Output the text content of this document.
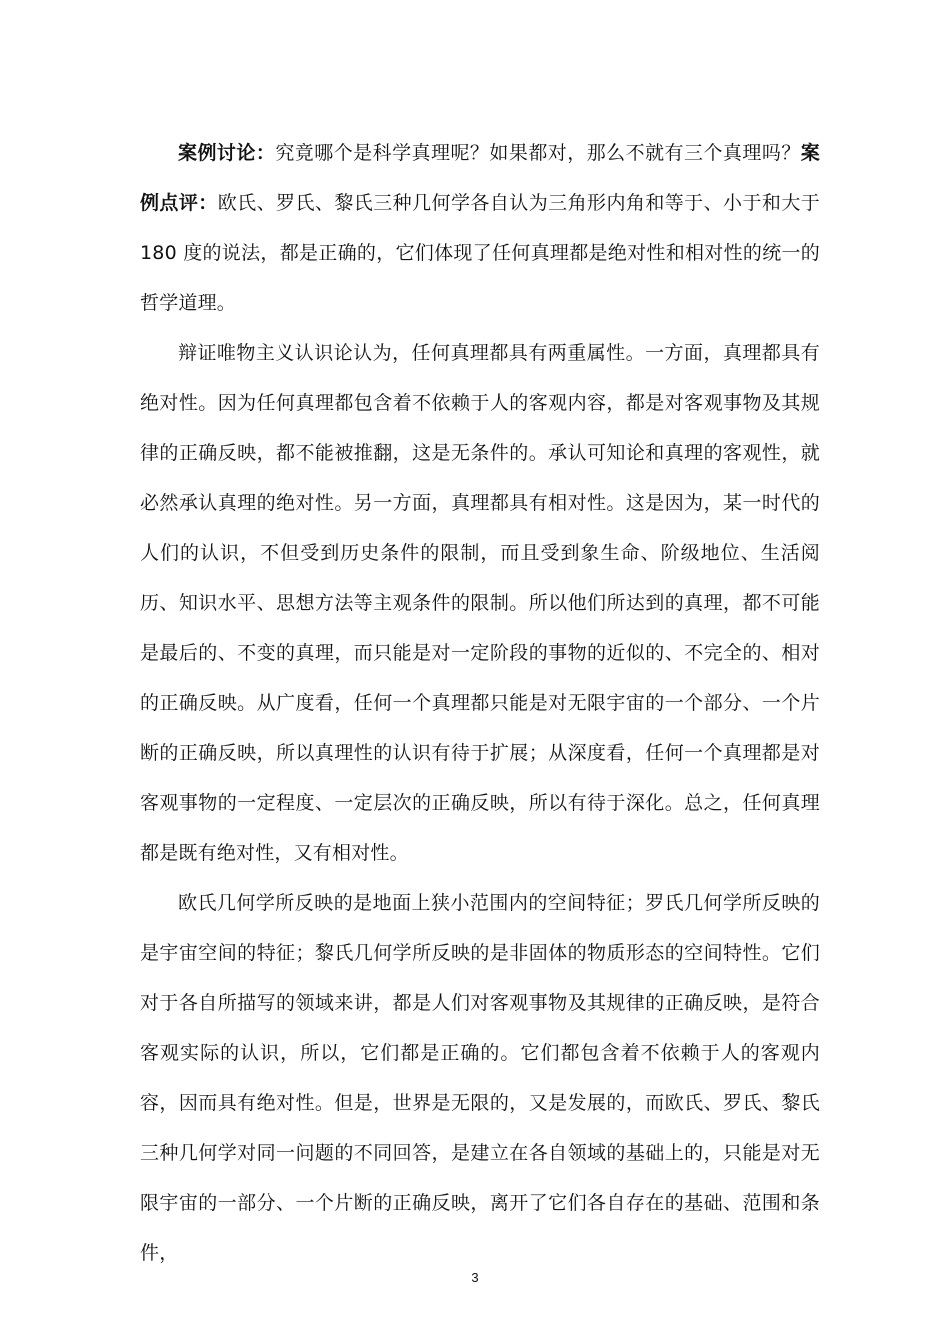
案例讨论：究竟哪个是科学真理呢？如果都对，那么不就有三个真理吗？案例点评：欧氏、罗氏、黎氏三种几何学各自认为三角形内角和等于、小于和大于 180 度的说法，都是正确的，它们体现了任何真理都是绝对性和相对性的统一的哲学道理。

辩证唯物主义认识论认为，任何真理都具有两重属性。一方面，真理都具有绝对性。因为任何真理都包含着不依赖于人的客观内容，都是对客观事物及其规律的正确反映，都不能被推翻，这是无条件的。承认可知论和真理的客观性，就必然承认真理的绝对性。另一方面，真理都具有相对性。这是因为，某一时代的人们的认识，不但受到历史条件的限制，而且受到象生命、阶级地位、生活阅历、知识水平、思想方法等主观条件的限制。所以他们所达到的真理，都不可能是最后的、不变的真理，而只能是对一定阶段的事物的近似的、不完全的、相对的正确反映。从广度看，任何一个真理都只能是对无限宇宙的一个部分、一个片断的正确反映，所以真理性的认识有待于扩展；从深度看，任何一个真理都是对客观事物的一定程度、一定层次的正确反映，所以有待于深化。总之，任何真理都是既有绝对性，又有相对性。

欧氏几何学所反映的是地面上狭小范围内的空间特征；罗氏几何学所反映的是宇宙空间的特征；黎氏几何学所反映的是非固体的物质形态的空间特性。它们对于各自所描写的领域来讲，都是人们对客观事物及其规律的正确反映，是符合客观实际的认识，所以，它们都是正确的。它们都包含着不依赖于人的客观内容，因而具有绝对性。但是，世界是无限的，又是发展的，而欧氏、罗氏、黎氏三种几何学对同一问题的不同回答，是建立在各自领域的基础上的，只能是对无限宇宙的一部分、一个片断的正确反映，离开了它们各自存在的基础、范围和条件，

3
